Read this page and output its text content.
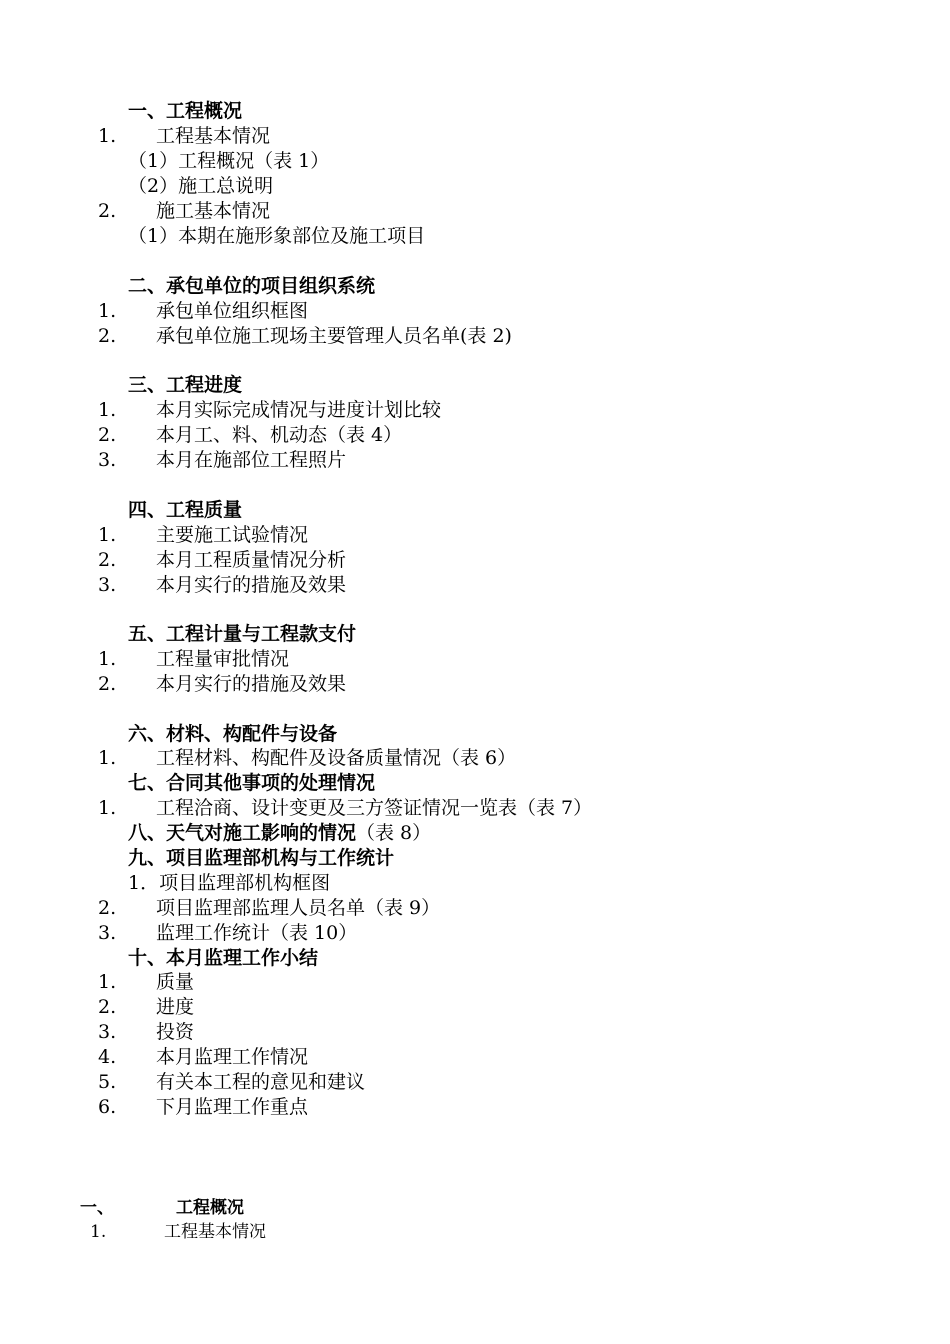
一、工程概况
1. 工程基本情况
（1）工程概况（表 1）
（2）施工总说明
2. 施工基本情况
（1）本期在施形象部位及施工项目
二、承包单位的项目组织系统
1. 承包单位组织框图
2. 承包单位施工现场主要管理人员名单(表 2)
三、工程进度
1. 本月实际完成情况与进度计划比较
2. 本月工、料、机动态（表 4）
3. 本月在施部位工程照片
四、工程质量
1. 主要施工试验情况
2. 本月工程质量情况分析
3. 本月实行的措施及效果
五、工程计量与工程款支付
1. 工程量审批情况
2. 本月实行的措施及效果
六、材料、构配件与设备
1. 工程材料、构配件及设备质量情况（表 6）
七、合同其他事项的处理情况
1. 工程洽商、设计变更及三方签证情况一览表（表 7）
八、天气对施工影响的情况（表 8）
九、项目监理部机构与工作统计
1．项目监理部机构框图
2. 项目监理部监理人员名单（表 9）
3. 监理工作统计（表 10）
十、本月监理工作小结
1. 质量
2. 进度
3. 投资
4. 本月监理工作情况
5. 有关本工程的意见和建议
6. 下月监理工作重点
一、	工程概况
1.	工程基本情况
